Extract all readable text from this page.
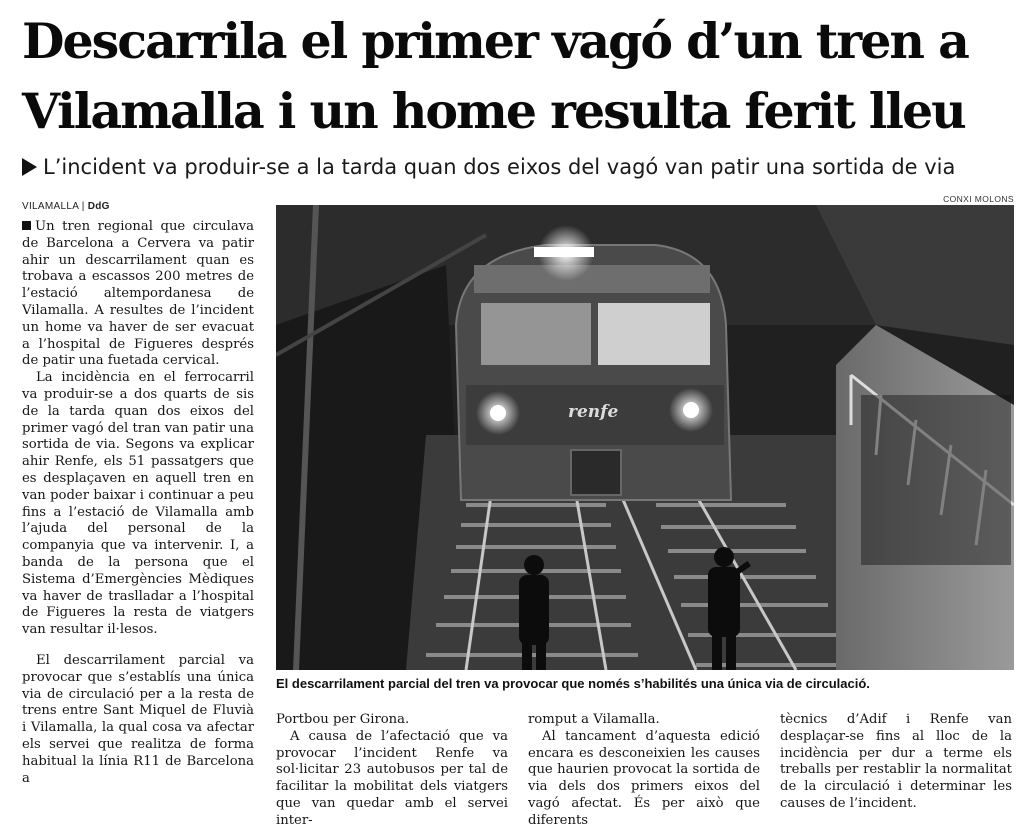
Descarrila el primer vagó d’un tren a Vilamalla i un home resulta ferit lleu
L’incident va produir-se a la tarda quan dos eixos del vagó van patir una sortida de via
VILAMALLA | DdG
CONXI MOLONS

Un tren regional que circulava de Barcelona a Cervera va patir ahir un descarrilament quan es trobava a escassos 200 metres de l’estació altempordanesa de Vilamalla. A resultes de l’incident un home va haver de ser evacuat a l’hospital de Figueres després de patir una fuetada cervical.

La incidència en el ferrocarril va produir-se a dos quarts de sis de la tarda quan dos eixos del primer vagó del tran van patir una sortida de via. Segons va explicar ahir Renfe, els 51 passatgers que es desplaçaven en aquell tren en van poder baixar i continuar a peu fins a l’estació de Vilamalla amb l’ajuda del personal de la companyia que va intervenir. I, a banda de la persona que el Sistema d’Emergències Mèdiques va haver de traslladar a l’hospital de Figueres la resta de viatgers van resultar il·lesos.

El descarrilament parcial va provocar que s’establís una única via de circulació per a la resta de trens entre Sant Miquel de Fluvià i Vilamalla, la qual cosa va afectar els servei que realitza de forma habitual la línia R11 de Barcelona a

renfe
El descarrilament parcial del tren va provocar que només s’habilités una única via de circulació.

Portbou per Girona.

A causa de l’afectació que va provocar l’incident Renfe va sol·licitar 23 autobusos per tal de facilitar la mobilitat dels viatgers que van quedar amb el servei inter-

romput a Vilamalla.

Al tancament d’aquesta edició encara es desconeixien les causes que haurien provocat la sortida de via dels dos primers eixos del vagó afectat. És per això que diferents

tècnics d’Adif i Renfe van desplaçar-se fins al lloc de la incidència per dur a terme els treballs per restablir la normalitat de la circulació i determinar les causes de l’incident.
